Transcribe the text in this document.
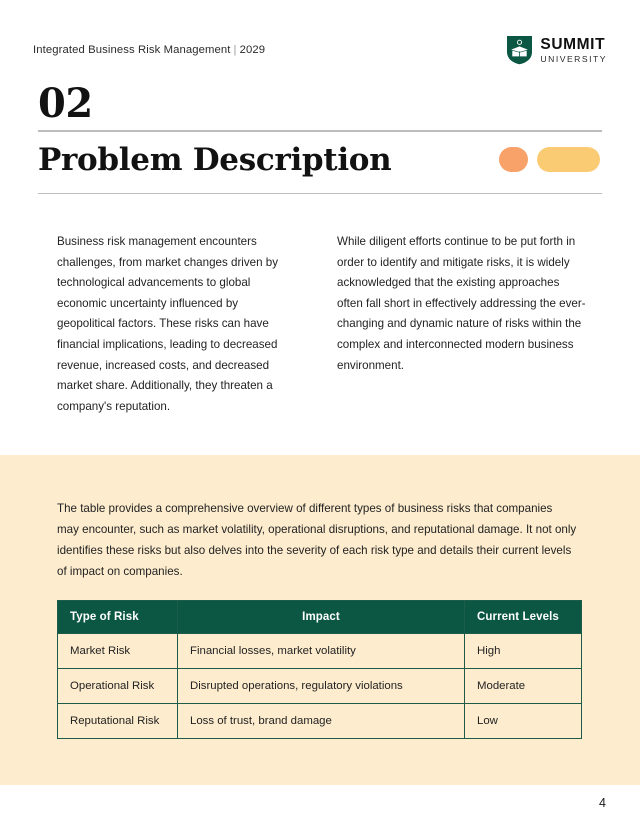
Integrated Business Risk Management | 2029	SUMMIT
UNIVERSITY
02
Problem Description

Business risk management encounters challenges, from market changes driven by technological advancements to global economic uncertainty influenced by geopolitical factors. These risks can have financial implications, leading to decreased revenue, increased costs, and decreased market share. Additionally, they threaten a company's reputation.

While diligent efforts continue to be put forth in order to identify and mitigate risks, it is widely acknowledged that the existing approaches often fall short in effectively addressing the ever-changing and dynamic nature of risks within the complex and interconnected modern business environment.

The table provides a comprehensive overview of different types of business risks that companies may encounter, such as market volatility, operational disruptions, and reputational damage. It not only identifies these risks but also delves into the severity of each risk type and details their current levels of impact on companies.

Type of Risk	Impact	Current Levels
Market Risk	Financial losses, market volatility	High
Operational Risk	Disrupted operations, regulatory violations	Moderate
Reputational Risk	Loss of trust, brand damage	Low
4
